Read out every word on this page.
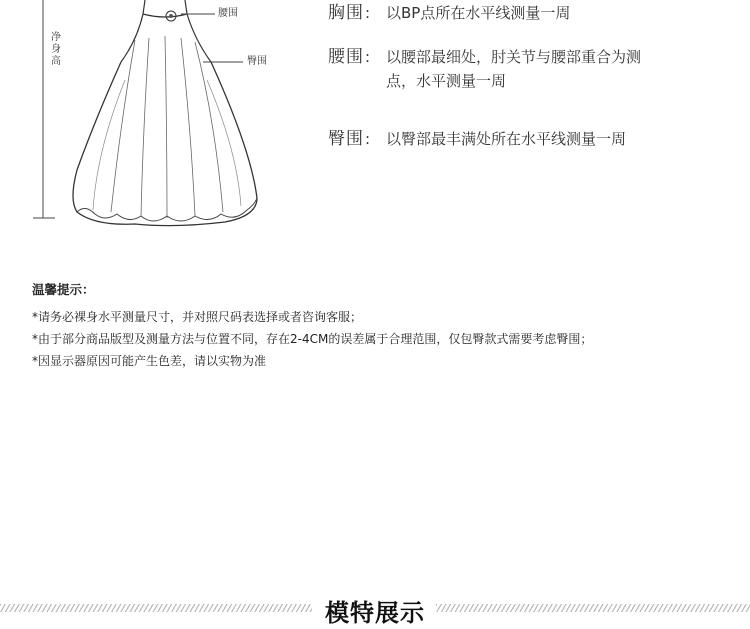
腰围
臀围
净身高
胸围: 以BP点所在水平线测量一周
腰围: 以腰部最细处，肘关节与腰部重合为测点，水平测量一周
臀围: 以臀部最丰满处所在水平线测量一周
温馨提示：
*请务必裸身水平测量尺寸，并对照尺码表选择或者咨询客服；
*由于部分商品版型及测量方法与位置不同，存在2-4CM的误差属于合理范围，仅包臀款式需要考虑臀围；
*因显示器原因可能产生色差，请以实物为准
模特展示
